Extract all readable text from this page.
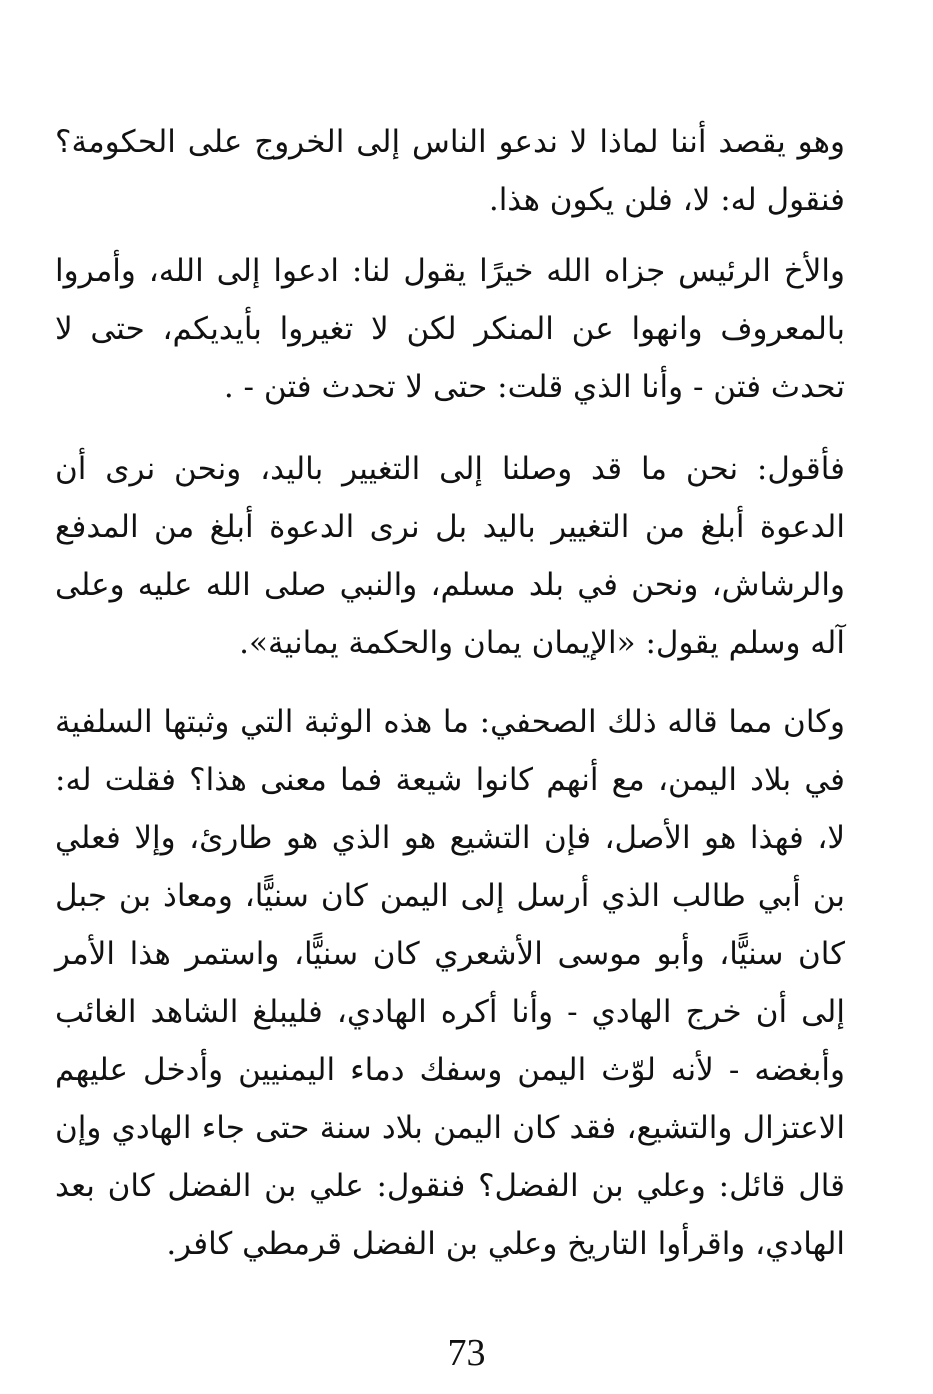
وهو يقصد أننا لماذا لا ندعو الناس إلى الخروج على الحكومة؟ فنقول له: لا، فلن يكون هذا.

والأخ الرئيس جزاه الله خيرًا يقول لنا: ادعوا إلى الله، وأمروا بالمعروف وانهوا عن المنكر لكن لا تغيروا بأيديكم، حتى لا تحدث فتن - وأنا الذي قلت: حتى لا تحدث فتن - .

فأقول: نحن ما قد وصلنا إلى التغيير باليد، ونحن نرى أن الدعوة أبلغ من التغيير باليد بل نرى الدعوة أبلغ من المدفع والرشاش، ونحن في بلد مسلم، والنبي صلى الله عليه وعلى آله وسلم يقول: «الإيمان يمان والحكمة يمانية».

وكان مما قاله ذلك الصحفي: ما هذه الوثبة التي وثبتها السلفية في بلاد اليمن، مع أنهم كانوا شيعة فما معنى هذا؟ فقلت له: لا، فهذا هو الأصل، فإن التشيع هو الذي هو طارئ، وإلا فعلي بن أبي طالب الذي أرسل إلى اليمن كان سنيًّا، ومعاذ بن جبل كان سنيًّا، وأبو موسى الأشعري كان سنيًّا، واستمر هذا الأمر إلى أن خرج الهادي - وأنا أكره الهادي، فليبلغ الشاهد الغائب وأبغضه - لأنه لوّث اليمن وسفك دماء اليمنيين وأدخل عليهم الاعتزال والتشيع، فقد كان اليمن بلاد سنة حتى جاء الهادي وإن قال قائل: وعلي بن الفضل؟ فنقول: علي بن الفضل كان بعد الهادي، واقرأوا التاريخ وعلي بن الفضل قرمطي كافر.

73
